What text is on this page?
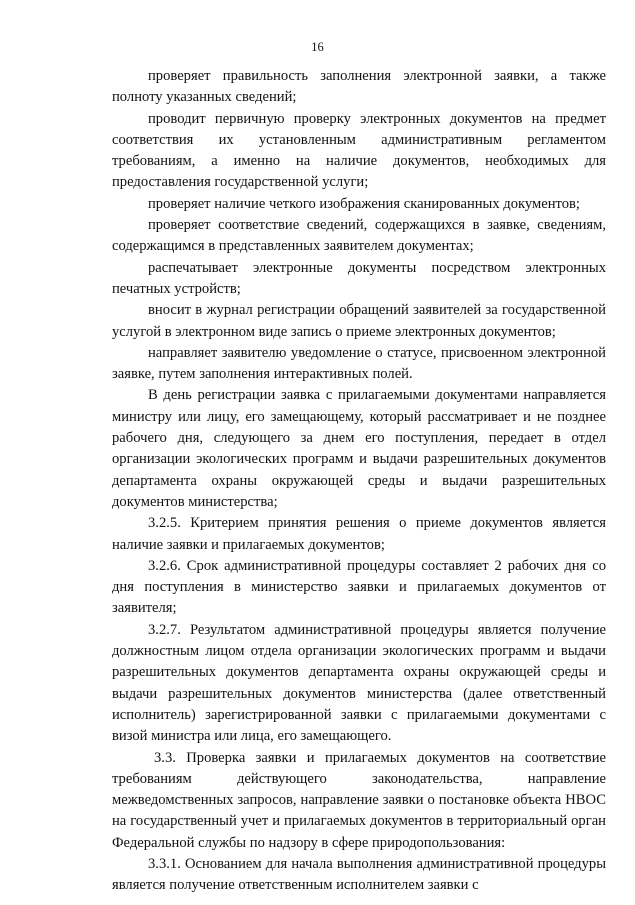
16

проверяет правильность заполнения электронной заявки, а также полноту указанных сведений;

проводит первичную проверку электронных документов на предмет соответствия их установленным административным регламентом требованиям, а именно на наличие документов, необходимых для предоставления государственной услуги;

проверяет наличие четкого изображения сканированных документов;

проверяет соответствие сведений, содержащихся в заявке, сведениям, содержащимся в представленных заявителем документах;

распечатывает электронные документы посредством электронных печатных устройств;

вносит в журнал регистрации обращений заявителей за государственной услугой в электронном виде запись о приеме электронных документов;

направляет заявителю уведомление о статусе, присвоенном электронной заявке, путем заполнения интерактивных полей.

В день регистрации заявка с прилагаемыми документами направляется министру или лицу, его замещающему, который рассматривает и не позднее рабочего дня, следующего за днем его поступления, передает в отдел организации экологических программ и выдачи разрешительных документов департамента охраны окружающей среды и выдачи разрешительных документов министерства;

3.2.5. Критерием принятия решения о приеме документов является наличие заявки и прилагаемых документов;

3.2.6. Срок административной процедуры составляет 2 рабочих дня со дня поступления в министерство заявки и прилагаемых документов от заявителя;

3.2.7. Результатом административной процедуры является получение должностным лицом отдела организации экологических программ и выдачи разрешительных документов департамента охраны окружающей среды и выдачи разрешительных документов министерства (далее ответственный исполнитель) зарегистрированной заявки с прилагаемыми документами с визой министра или лица, его замещающего.

3.3. Проверка заявки и прилагаемых документов на соответствие требованиям действующего законодательства, направление межведомственных запросов, направление заявки о постановке объекта НВОС на государственный учет и прилагаемых документов в территориальный орган Федеральной службы по надзору в сфере природопользования:

3.3.1. Основанием для начала выполнения административной процедуры является получение ответственным исполнителем заявки с
